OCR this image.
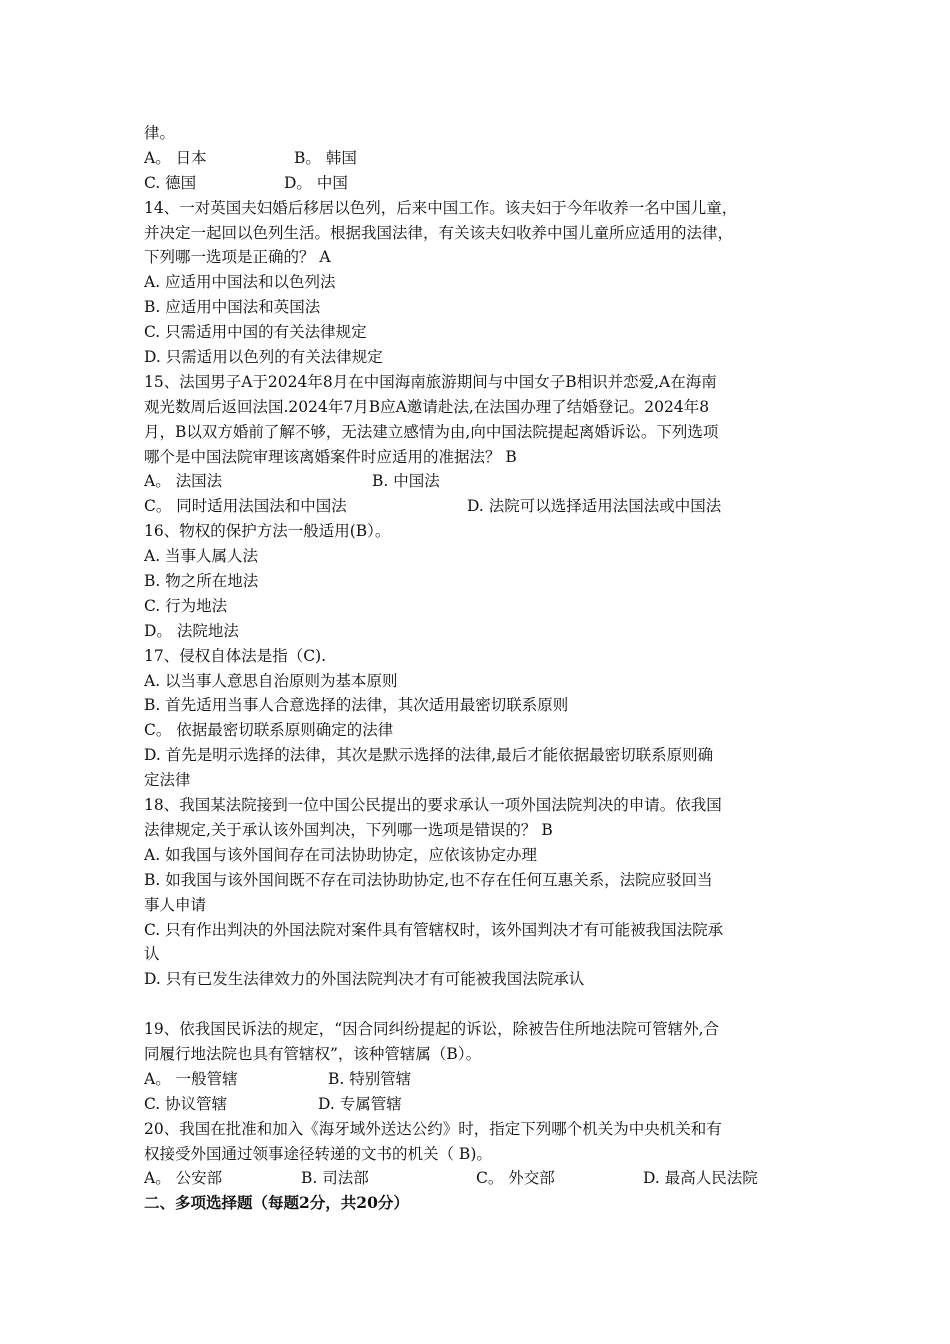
律。
A。 日本	B。 韩国
C. 德国	D。 中国
14、一对英国夫妇婚后移居以色列，后来中国工作。该夫妇于今年收养一名中国儿童，
并决定一起回以色列生活。根据我国法律，有关该夫妇收养中国儿童所应适用的法律，
下列哪一选项是正确的？ A
A. 应适用中国法和以色列法
B. 应适用中国法和英国法
C. 只需适用中国的有关法律规定
D. 只需适用以色列的有关法律规定
15、法国男子A于2024年8月在中国海南旅游期间与中国女子B相识并恋爱,A在海南
观光数周后返回法国.2024年7月B应A邀请赴法,在法国办理了结婚登记。2024年8
月，B以双方婚前了解不够，无法建立感情为由,向中国法院提起离婚诉讼。下列选项
哪个是中国法院审理该离婚案件时应适用的准据法？ B
A。 法国法	B. 中国法
C。 同时适用法国法和中国法	D. 法院可以选择适用法国法或中国法
16、物权的保护方法一般适用(B）。
A. 当事人属人法
B. 物之所在地法
C. 行为地法
D。 法院地法
17、侵权自体法是指（C).
A. 以当事人意思自治原则为基本原则
B. 首先适用当事人合意选择的法律，其次适用最密切联系原则
C。 依据最密切联系原则确定的法律
D. 首先是明示选择的法律，其次是默示选择的法律,最后才能依据最密切联系原则确
定法律
18、我国某法院接到一位中国公民提出的要求承认一项外国法院判决的申请。依我国
法律规定,关于承认该外国判决，下列哪一选项是错误的？ B
A. 如我国与该外国间存在司法协助协定，应依该协定办理
B. 如我国与该外国间既不存在司法协助协定,也不存在任何互惠关系，法院应驳回当
事人申请
C. 只有作出判决的外国法院对案件具有管辖权时，该外国判决才有可能被我国法院承
认
D. 只有已发生法律效力的外国法院判决才有可能被我国法院承认
19、依我国民诉法的规定，“因合同纠纷提起的诉讼，除被告住所地法院可管辖外,合
同履行地法院也具有管辖权”，该种管辖属（B）。
A。 一般管辖	B. 特别管辖
C. 协议管辖	D. 专属管辖
20、我国在批准和加入《海牙域外送达公约》时，指定下列哪个机关为中央机关和有
权接受外国通过领事途径转递的文书的机关（ B)。
A。 公安部	B. 司法部	C。 外交部	D. 最高人民法院
二、多项选择题（每题2分，共20分）
